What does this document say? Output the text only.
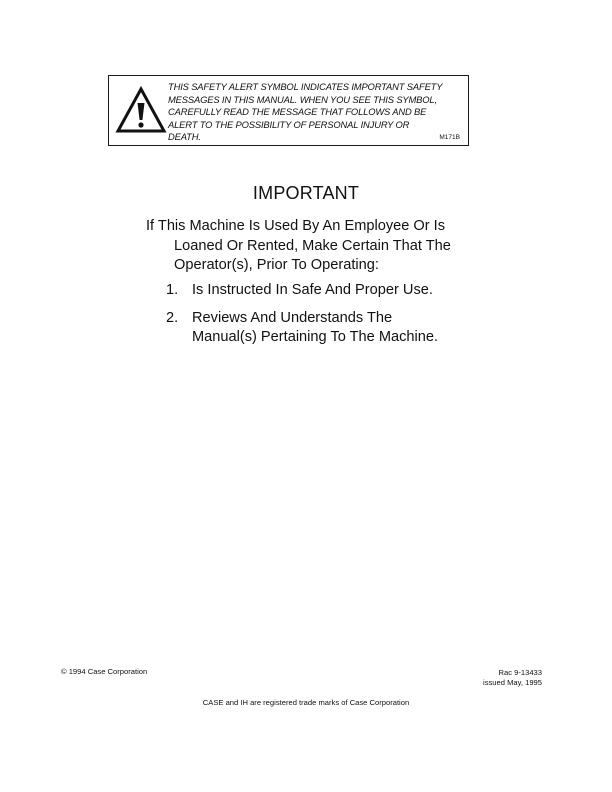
THIS SAFETY ALERT SYMBOL INDICATES IMPORTANT SAFETY
MESSAGES IN THIS MANUAL. WHEN YOU SEE THIS SYMBOL,
CAREFULLY READ THE MESSAGE THAT FOLLOWS AND BE
ALERT TO THE POSSIBILITY OF PERSONAL INJURY OR
DEATH.	M171B
IMPORTANT
If This Machine Is Used By An Employee Or Is
Loaned Or Rented, Make Certain That The
Operator(s), Prior To Operating:
1. Is Instructed In Safe And Proper Use.
2. Reviews And Understands The
Manual(s) Pertaining To The Machine.
© 1994 Case Corporation	Rac 9-13433
issued May, 1995
CASE and IH are registered trade marks of Case Corporation
